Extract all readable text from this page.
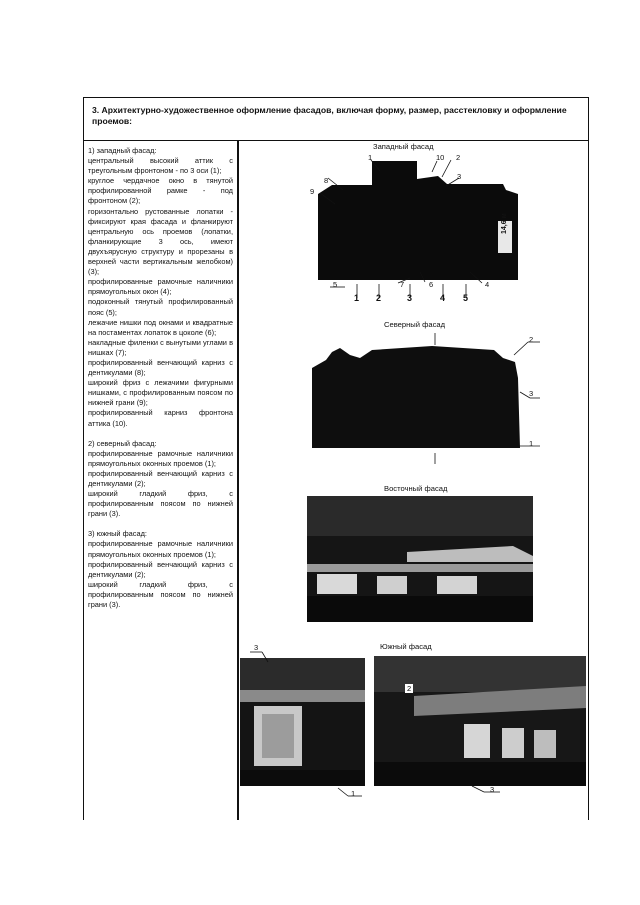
3. Архитектурно-художественное оформление фасадов, включая форму, размер, расстекловку и оформление проемов:

1) западный фасад:

центральный высокий аттик с треугольным фронтоном - по 3 оси (1);

круглое чердачное окно в тянутой профилированной рамке - под фронтоном (2);

горизонтально рустованные лопатки - фиксируют края фасада и фланкируют центральную ось проемов (лопатки, фланкирующие 3 ось, имеют двухъярусную структуру и прорезаны в верхней части вертикальным желобком) (3);

профилированные рамочные наличники прямоугольных окон (4);

подоконный тянутый профилированный пояс (5);

лежачие нишки под окнами и квадратные на постаментах лопаток в цоколе (6);

накладные филенки с вынутыми углами в нишках (7);

профилированный венчающий карниз с дентикулами (8);

широкий фриз с лежачими фигурными нишками, с профилированным поясом по нижней грани (9);

профилированный карниз фронтона аттика (10).

2) северный фасад:

профилированные рамочные наличники прямоугольных оконных проемов (1);

профилированный венчающий карниз с дентикулами (2);

широкий гладкий фриз, с профилированным поясом по нижней грани (3).

3) южный фасад:

профилированные рамочные наличники прямоугольных оконных проемов (1);

профилированный венчающий карниз с дентикулами (2);

широкий гладкий фриз, с профилированным поясом по нижней грани (3).

Западный фасад
1	10 2
8	3
9
5	7	6	4
1 2	3	4 5
14,6 м
Северный фасад
2
3
1
Восточный фасад
Южный фасад
3
1
2
3
